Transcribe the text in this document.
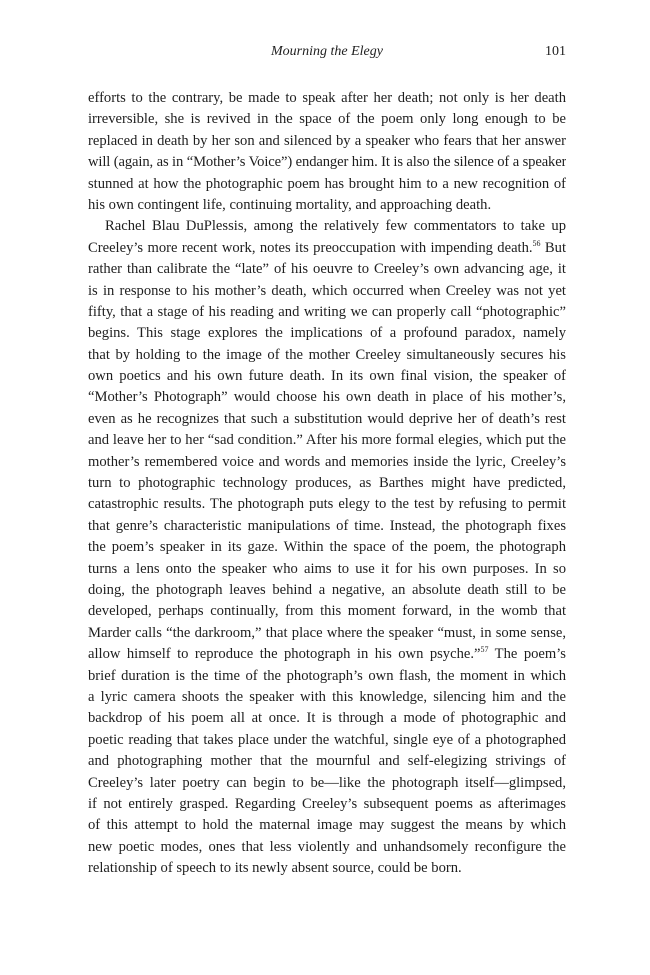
Mourning the Elegy	101
efforts to the contrary, be made to speak after her death; not only is her death
irreversible, she is revived in the space of the poem only long enough to be
replaced in death by her son and silenced by a speaker who fears that her answer
will (again, as in “Mother’s Voice”) endanger him. It is also the silence of a speaker
stunned at how the photographic poem has brought him to a new recognition of
his own contingent life, continuing mortality, and approaching death.
Rachel Blau DuPlessis, among the relatively few commentators to take up
Creeley’s more recent work, notes its preoccupation with impending death.$^{56}$ But
rather than calibrate the “late” of his oeuvre to Creeley’s own advancing age, it
is in response to his mother’s death, which occurred when Creeley was not yet
fifty, that a stage of his reading and writing we can properly call “photographic”
begins. This stage explores the implications of a profound paradox, namely
that by holding to the image of the mother Creeley simultaneously secures his
own poetics and his own future death. In its own final vision, the speaker of
“Mother’s Photograph” would choose his own death in place of his mother’s,
even as he recognizes that such a substitution would deprive her of death’s rest
and leave her to her “sad condition.” After his more formal elegies, which put the
mother’s remembered voice and words and memories inside the lyric, Creeley’s
turn to photographic technology produces, as Barthes might have predicted,
catastrophic results. The photograph puts elegy to the test by refusing to permit
that genre’s characteristic manipulations of time. Instead, the photograph fixes
the poem’s speaker in its gaze. Within the space of the poem, the photograph
turns a lens onto the speaker who aims to use it for his own purposes. In so
doing, the photograph leaves behind a negative, an absolute death still to be
developed, perhaps continually, from this moment forward, in the womb that
Marder calls “the darkroom,” that place where the speaker “must, in some sense,
allow himself to reproduce the photograph in his own psyche.”$^{57}$ The poem’s
brief duration is the time of the photograph’s own flash, the moment in which
a lyric camera shoots the speaker with this knowledge, silencing him and the
backdrop of his poem all at once. It is through a mode of photographic and
poetic reading that takes place under the watchful, single eye of a photographed
and photographing mother that the mournful and self-elegizing strivings of
Creeley’s later poetry can begin to be—like the photograph itself—glimpsed,
if not entirely grasped. Regarding Creeley’s subsequent poems as afterimages
of this attempt to hold the maternal image may suggest the means by which
new poetic modes, ones that less violently and unhandsomely reconfigure the
relationship of speech to its newly absent source, could be born.
